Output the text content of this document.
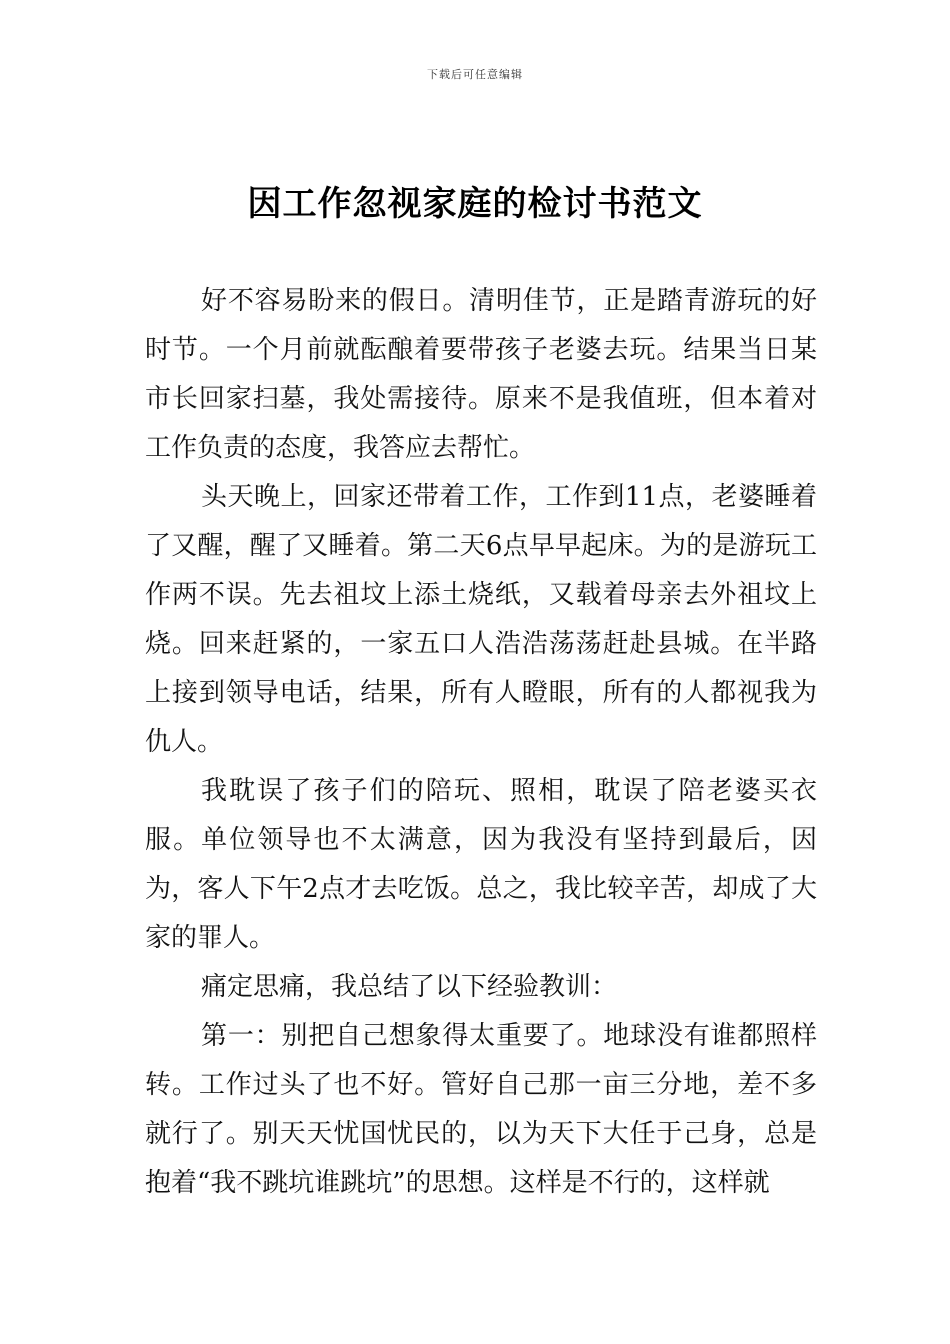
下载后可任意编辑
因工作忽视家庭的检讨书范文

好不容易盼来的假日。清明佳节，正是踏青游玩的好时节。一个月前就酝酿着要带孩子老婆去玩。结果当日某市长回家扫墓，我处需接待。原来不是我值班，但本着对工作负责的态度，我答应去帮忙。

头天晚上，回家还带着工作，工作到11点，老婆睡着了又醒，醒了又睡着。第二天6点早早起床。为的是游玩工作两不误。先去祖坟上添土烧纸，又载着母亲去外祖坟上烧。回来赶紧的，一家五口人浩浩荡荡赶赴县城。在半路上接到领导电话，结果，所有人瞪眼，所有的人都视我为仇人。

我耽误了孩子们的陪玩、照相，耽误了陪老婆买衣服。单位领导也不太满意，因为我没有坚持到最后，因为，客人下午2点才去吃饭。总之，我比较辛苦，却成了大家的罪人。

痛定思痛，我总结了以下经验教训：

第一：别把自己想象得太重要了。地球没有谁都照样转。工作过头了也不好。管好自己那一亩三分地，差不多就行了。别天天忧国忧民的，以为天下大任于己身，总是抱着“我不跳坑谁跳坑”的思想。这样是不行的，这样就
